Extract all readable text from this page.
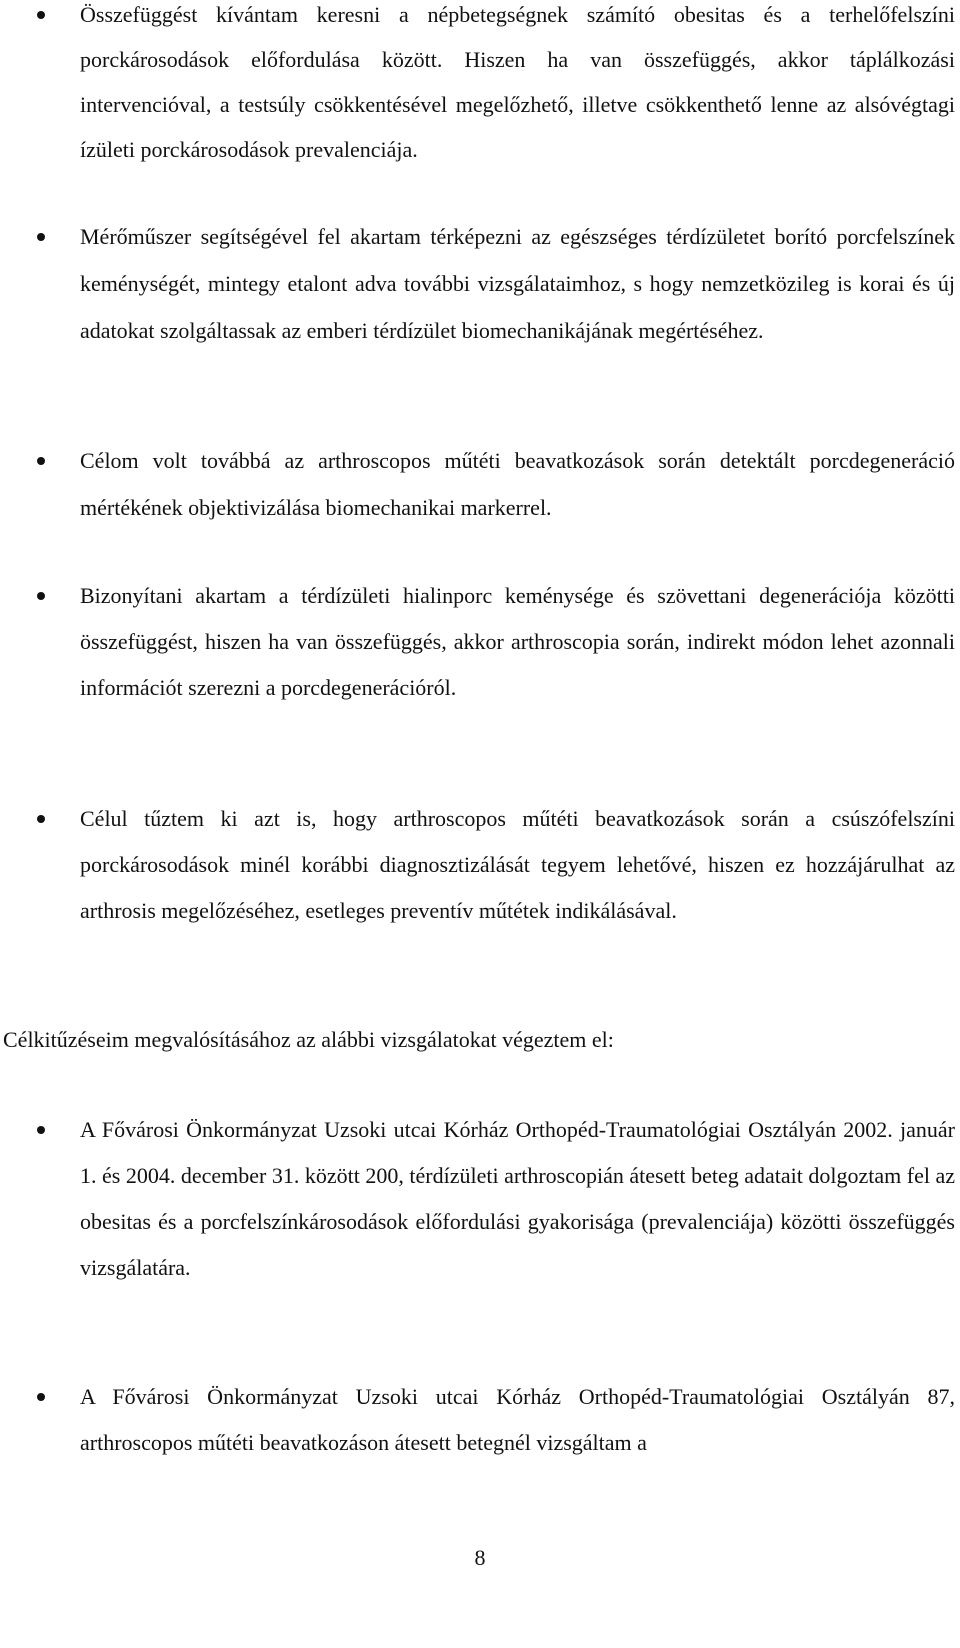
Összefüggést kívántam keresni a népbetegségnek számító obesitas és a terhelőfelszíni porckárosodások előfordulása között. Hiszen ha van összefüggés, akkor táplálkozási intervencióval, a testsúly csökkentésével megelőzhető, illetve csökkenthető lenne az alsóvégtagi ízületi porckárosodások prevalenciája.
Mérőműszer segítségével fel akartam térképezni az egészséges térdízületet borító porcfelszínek keménységét, mintegy etalont adva további vizsgálataimhoz, s hogy nemzetközileg is korai és új adatokat szolgáltassak az emberi térdízület biomechanikájának megértéséhez.
Célom volt továbbá az arthroscopos műtéti beavatkozások során detektált porcdegeneráció mértékének objektivizálása biomechanikai markerrel.
Bizonyítani akartam a térdízületi hialinporc keménysége és szövettani degenerációja közötti összefüggést, hiszen ha van összefüggés, akkor arthroscopia során, indirekt módon lehet azonnali információt szerezni a porcdegenerációról.
Célul tűztem ki azt is, hogy arthroscopos műtéti beavatkozások során a csúszófelszíni porckárosodások minél korábbi diagnosztizálását tegyem lehetővé, hiszen ez hozzájárulhat az arthrosis megelőzéséhez, esetleges preventív műtétek indikálásával.
Célkitűzéseim megvalósításához az alábbi vizsgálatokat végeztem el:
A Fővárosi Önkormányzat Uzsoki utcai Kórház Orthopéd-Traumatológiai Osztályán 2002. január 1. és 2004. december 31. között 200, térdízületi arthroscopián átesett beteg adatait dolgoztam fel az obesitas és a porcfelszínkárosodások előfordulási gyakorisága (prevalenciája) közötti összefüggés vizsgálatára.
A Fővárosi Önkormányzat Uzsoki utcai Kórház Orthopéd-Traumatológiai Osztályán 87, arthroscopos műtéti beavatkozáson átesett betegnél vizsgáltam a
8
